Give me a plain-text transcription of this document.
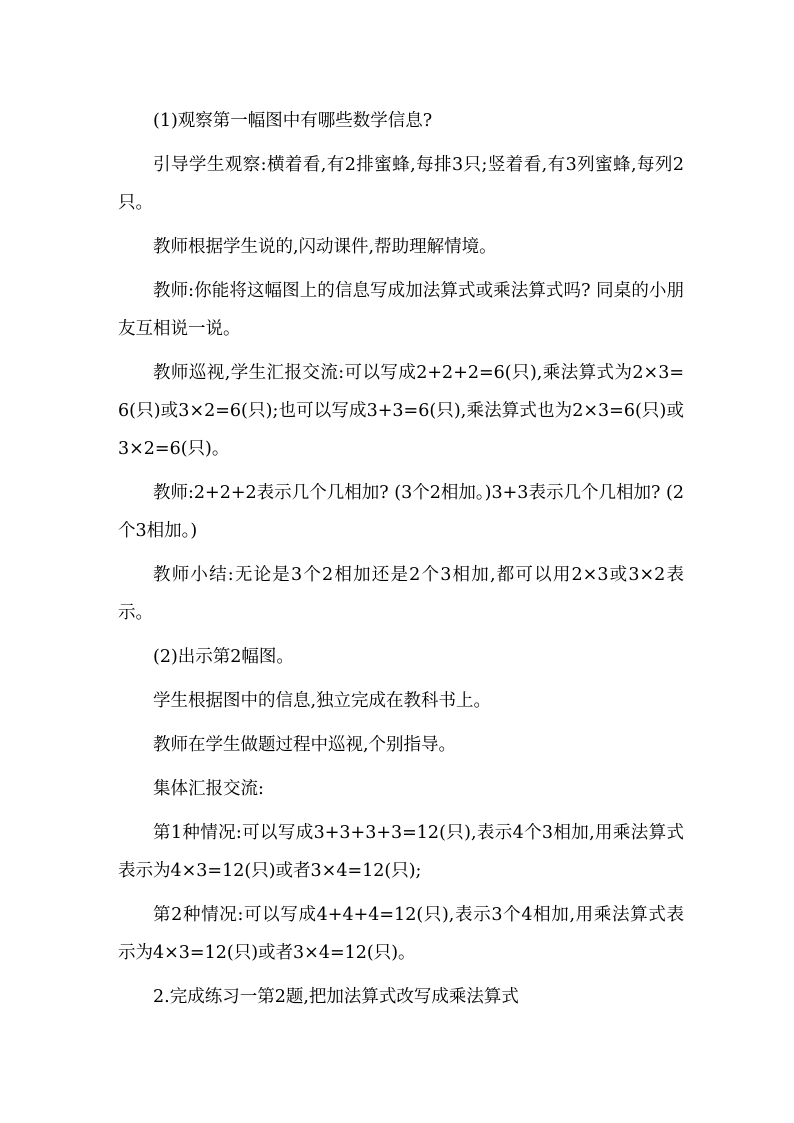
(1)观察第一幅图中有哪些数学信息?

引导学生观察:横着看,有2排蜜蜂,每排3只;竖着看,有3列蜜蜂,每列2只。

教师根据学生说的,闪动课件,帮助理解情境。

教师:你能将这幅图上的信息写成加法算式或乘法算式吗? 同桌的小朋友互相说一说。

教师巡视,学生汇报交流:可以写成2+2+2=6(只),乘法算式为2×3=6(只)或3×2=6(只);也可以写成3+3=6(只),乘法算式也为2×3=6(只)或3×2=6(只)。

教师:2+2+2表示几个几相加? (3个2相加。)3+3表示几个几相加? (2个3相加。)

教师小结:无论是3个2相加还是2个3相加,都可以用2×3或3×2表示。

(2)出示第2幅图。

学生根据图中的信息,独立完成在教科书上。

教师在学生做题过程中巡视,个别指导。

集体汇报交流:

第1种情况:可以写成3+3+3+3=12(只),表示4个3相加,用乘法算式表示为4×3=12(只)或者3×4=12(只);

第2种情况:可以写成4+4+4=12(只),表示3个4相加,用乘法算式表示为4×3=12(只)或者3×4=12(只)。

2.完成练习一第2题,把加法算式改写成乘法算式
